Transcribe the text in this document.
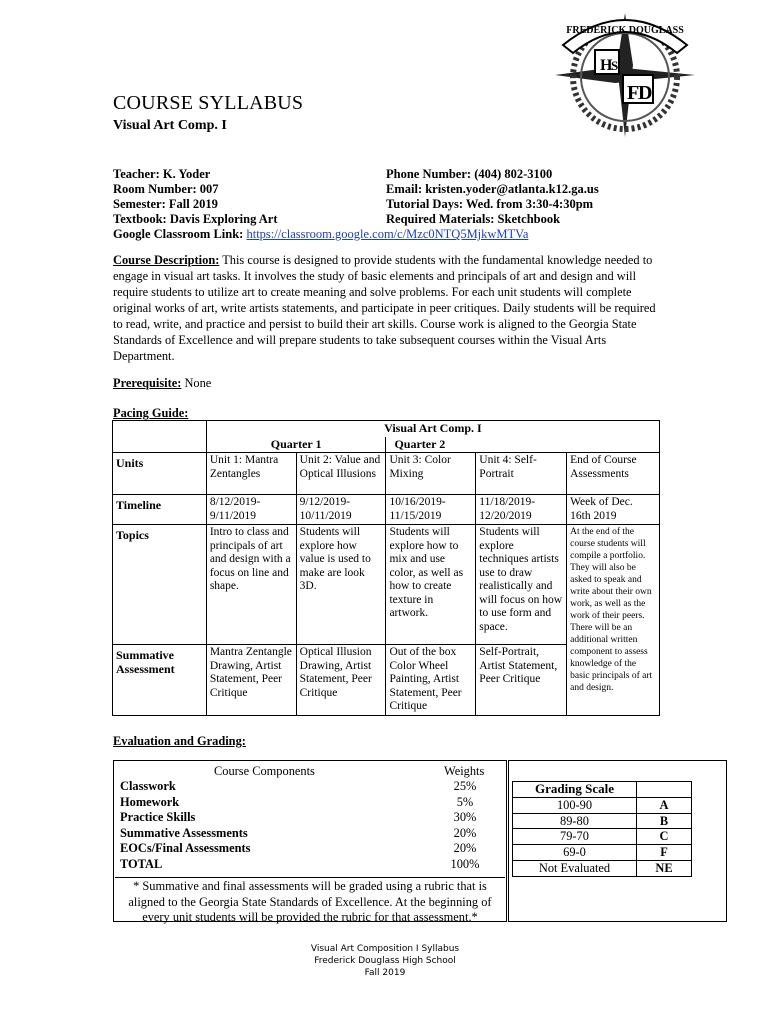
FREDERICK DOUGLASS
H
S
F
D
COURSE SYLLABUS
Visual Art Comp. I
Teacher: K. Yoder
Room Number: 007
Semester: Fall 2019
Textbook: Davis Exploring Art
Google Classroom Link: https://classroom.google.com/c/Mzc0NTQ5MjkwMTVa
Phone Number: (404) 802-3100
Email: kristen.yoder@atlanta.k12.ga.us
Tutorial Days: Wed. from 3:30-4:30pm
Required Materials: Sketchbook
Course Description: This course is designed to provide students with the fundamental knowledge needed to engage in visual art tasks. It involves the study of basic elements and principals of art and design and will require students to utilize art to create meaning and solve problems. For each unit students will complete original works of art, write artists statements, and participate in peer critiques. Daily students will be required to read, write, and practice and persist to build their art skills. Course work is aligned to the Georgia State Standards of Excellence and will prepare students to take subsequent courses within the Visual Arts Department.
Prerequisite: None
Pacing Guide:
	Visual Art Comp. I				
	Quarter 1		Quarter 2		
Units	Unit 1: Mantra Zentangles	Unit 2: Value and Optical Illusions	Unit 3: Color Mixing	Unit 4: Self-Portrait	End of Course Assessments
Timeline	8/12/2019-9/11/2019	9/12/2019-10/11/2019	10/16/2019-11/15/2019	11/18/2019-12/20/2019	Week of Dec. 16th 2019
Topics	Intro to class and principals of art and design with a focus on line and shape.	Students will explore how value is used to make are look 3D.	Students will explore how to mix and use color, as well as how to create texture in artwork.	Students will explore techniques artists use to draw realistically and will focus on how to use form and space.	At the end of the course students will compile a portfolio. They will also be asked to speak and write about their own work, as well as the work of their peers. There will be an additional written component to assess knowledge of the basic principals of art and design.
Summative Assessment	Mantra Zentangle Drawing, Artist Statement, Peer Critique	Optical Illusion Drawing, Artist Statement, Peer Critique	Out of the box Color Wheel Painting, Artist Statement, Peer Critique	Self-Portrait, Artist Statement, Peer Critique	
Evaluation and Grading:
Course Components	Weights
Classwork	25%
Homework	5%
Practice Skills	30%
Summative Assessments	20%
EOCs/Final Assessments	20%
TOTAL	100%
* Summative and final assessments will be graded using a rubric that is aligned to the Georgia State Standards of Excellence. At the beginning of every unit students will be provided the rubric for that assessment.*
Grading Scale	
100-90	A
89-80	B
79-70	C
69-0	F
Not Evaluated	NE
Visual Art Composition I Syllabus
Frederick Douglass High School
Fall 2019
